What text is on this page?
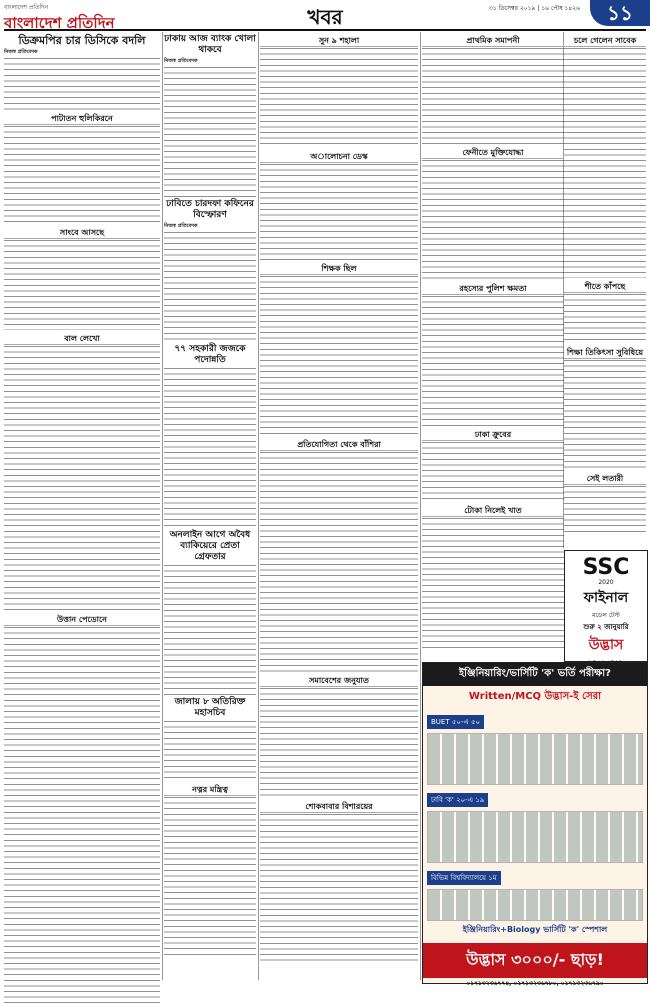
বাংলাদেশ প্রতিদিন
বাংলাদেশ প্রতিদিন	খবর	৩১ ডিসেম্বর ২০১৯ | ১৬ পৌষ ১৪২৬	১১
ডিক্রমপির চার ডিসিকে বদলি
নিজস্ব প্রতিবেদক
পাটাতন হুলিকিরনে
সাংবে আসছে
বাল লেখো
উত্তান পেডোনে
ঢাকায় আজ ব্যাংক খোলা থাকবে
নিজস্ব প্রতিবেদক
ঢাবিতে চারদফা কফিনের বিস্ফোরণ
নিজস্ব প্রতিবেদক
৭৭ সহকারী জজকে পদোন্নতি
অনলাইন আগে অবৈধ ব্যাকিয়েরে প্রেতা গ্রেফতার
জালায় ৮ অতিরিক্ত মহাসচিব
নত্নর মন্ত্রিত্ব
সুন ৯ শহালা
অালোচনা ডেস্ক
শিক্ষক ছিল
প্রতিযোগিতা থেকে বাঁশিরা
সমাবেশের জনুযাত
শোকবাবার বিশারয়ের
প্রাথমিক সমাপনী
ফেনীতে মুক্তিযোদ্ধা
রহস্যের পুলিশ ক্ষমতা
ঢাকা ক্রুবের
টোকা নিলেই খাত
চলে গেলেন সাবেক
শীতে কাঁপছে
শিক্ষা তিকিৎসা সুবিধিয়ে
সেই লতারী
SSC
2020
ফাইনাল
মডেল টেস্ট
শুরু ২ জানুয়ারি
উদ্ভাস
ইঞ্জিনিয়ারিং/ভার্সিটি 'ক' ভর্তি পরীক্ষা?
Written/MCQ উদ্ভাস-ই সেরা
BUET ৫০-এ ৫০
ঢাবি 'ক' ২০-এ ১৯
বিভিন্ন বিশ্ববিদ্যালয়ে ১ম
ইঞ্জিনিয়ারিং+Biology ভার্সিটি 'ক' স্পেশাল
উদ্ভাস ৩০০০/- ছাড়!
০১৭১৩২৩৬৭৭৪, ০১৭১৩২৩৬৭৮০, ০১৭১৩২৩৬৭৯০
